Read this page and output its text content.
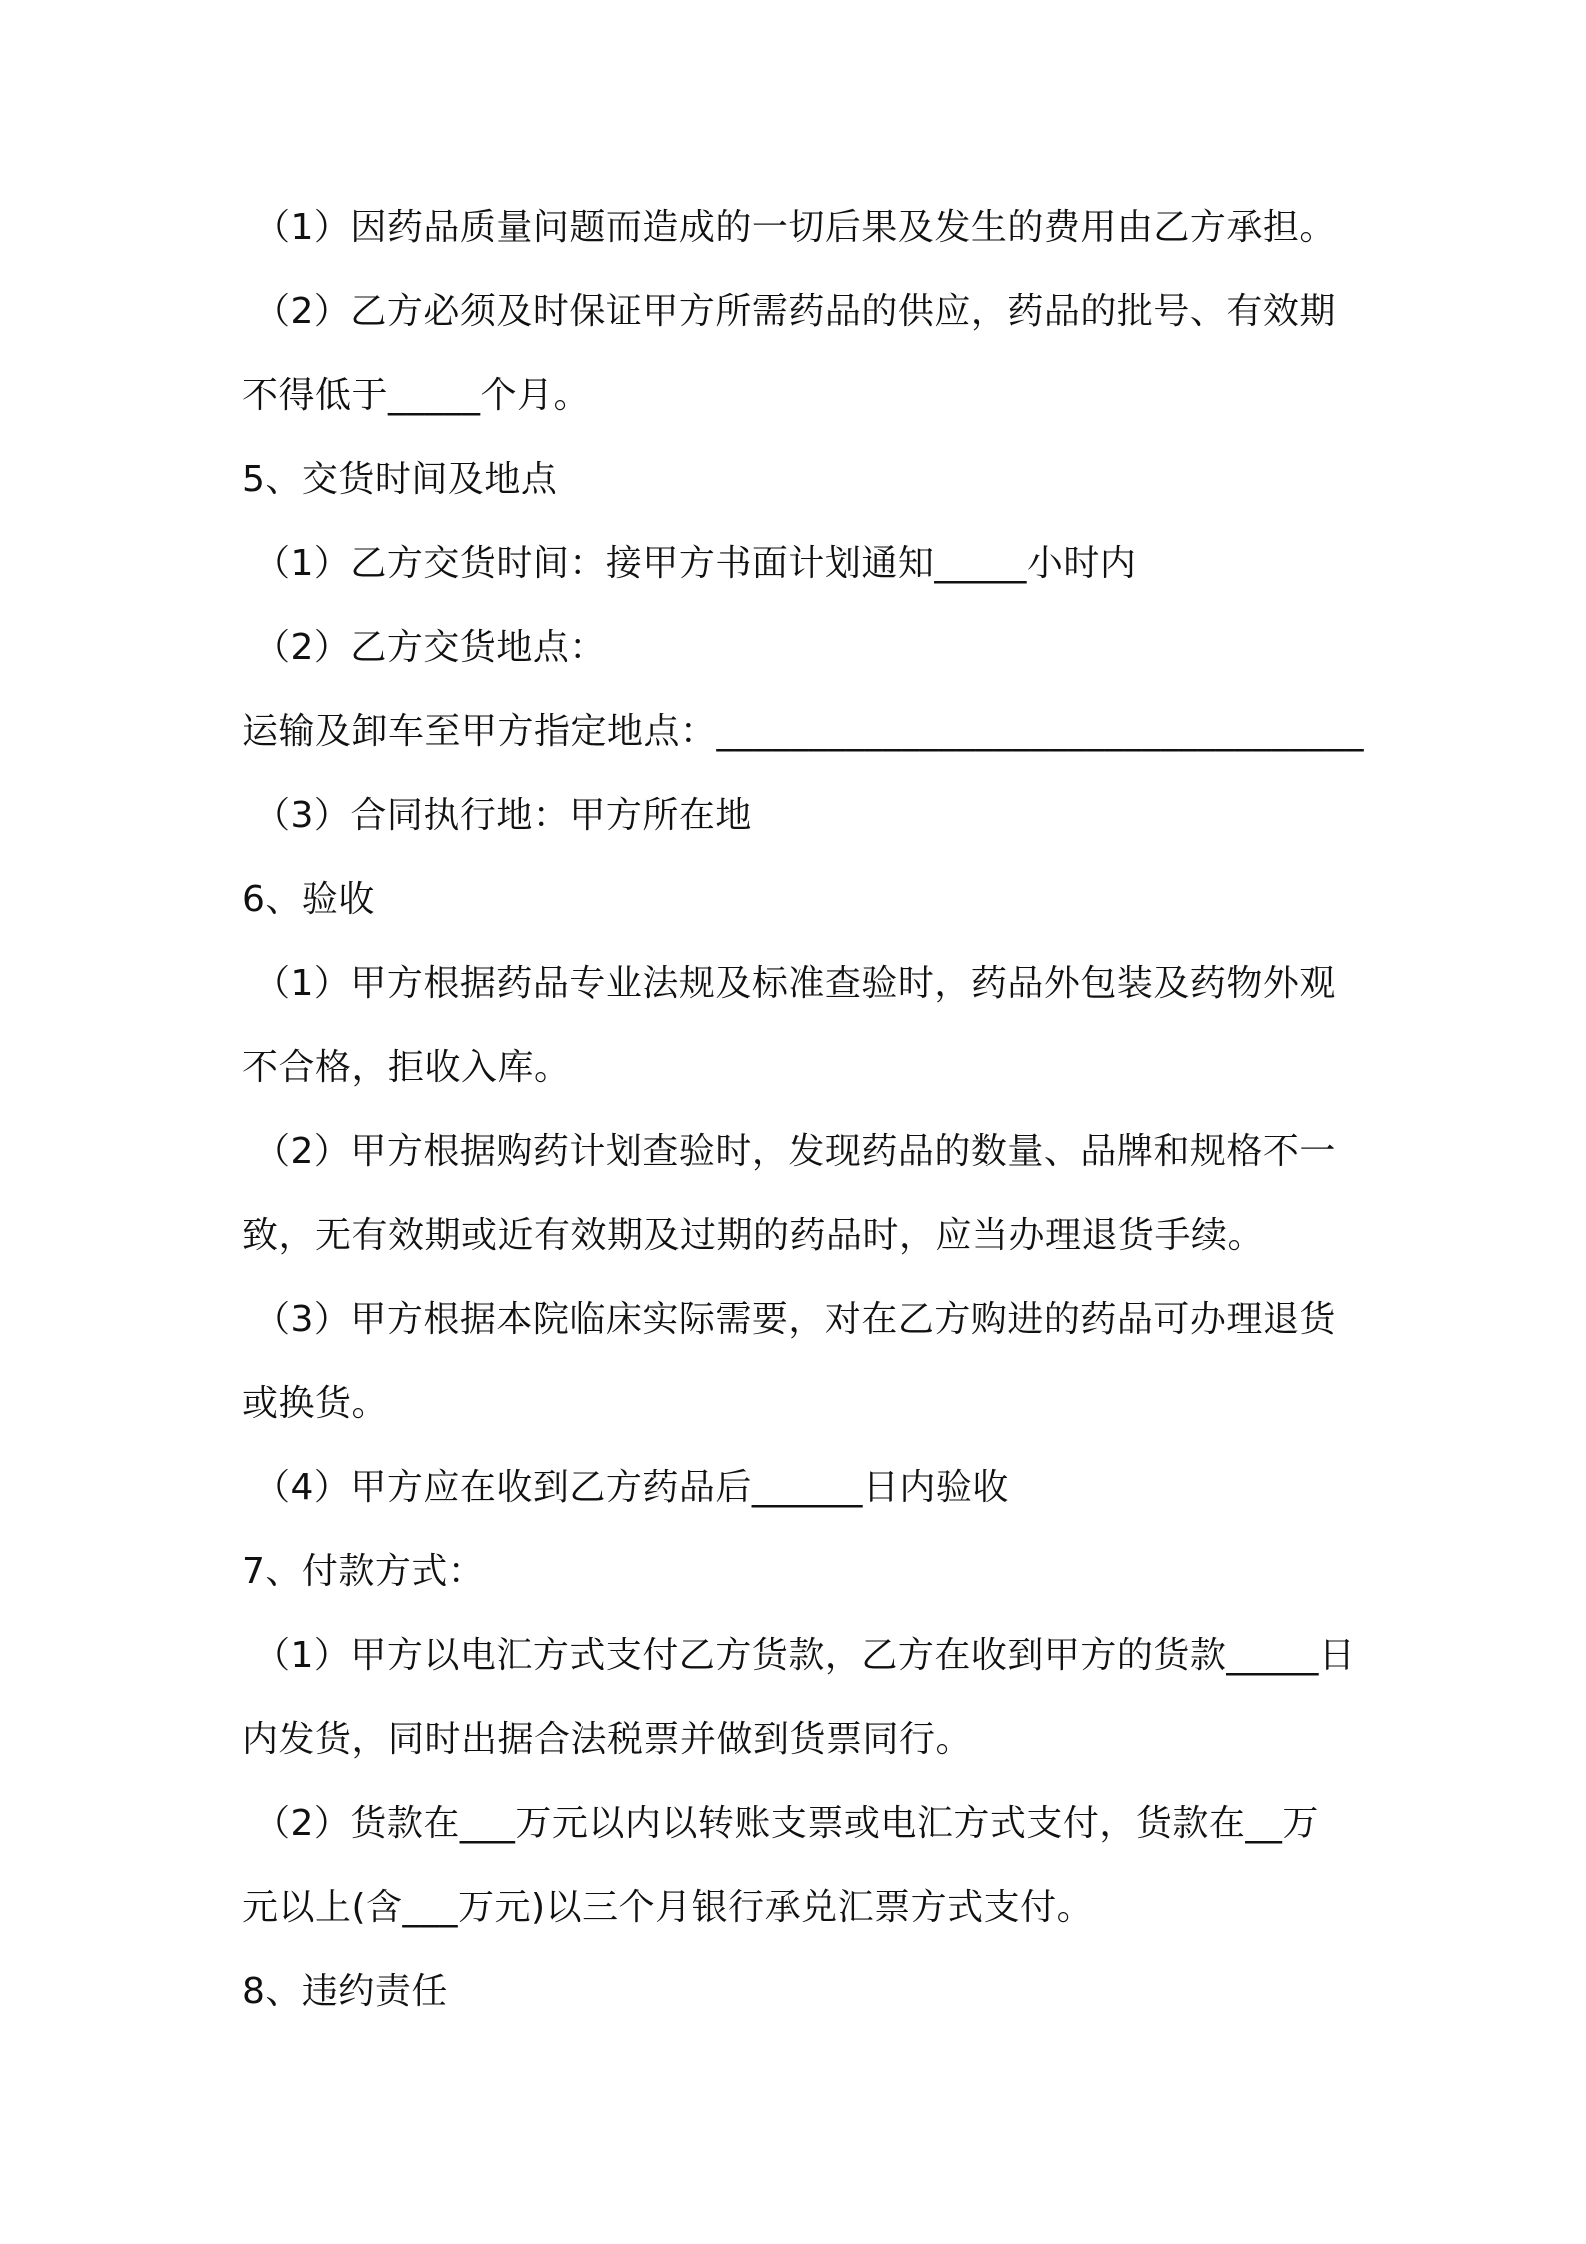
（1）因药品质量问题而造成的一切后果及发生的费用由乙方承担。
（2）乙方必须及时保证甲方所需药品的供应，药品的批号、有效期
不得低于_____个月。
5、交货时间及地点
（1）乙方交货时间：接甲方书面计划通知_____小时内
（2）乙方交货地点：
运输及卸车至甲方指定地点：___________________________________
（3）合同执行地：甲方所在地
6、验收
（1）甲方根据药品专业法规及标准查验时，药品外包装及药物外观
不合格，拒收入库。
（2）甲方根据购药计划查验时，发现药品的数量、品牌和规格不一
致，无有效期或近有效期及过期的药品时，应当办理退货手续。
（3）甲方根据本院临床实际需要，对在乙方购进的药品可办理退货
或换货。
（4）甲方应在收到乙方药品后______日内验收
7、付款方式：
（1）甲方以电汇方式支付乙方货款，乙方在收到甲方的货款_____日
内发货，同时出据合法税票并做到货票同行。
（2）货款在___万元以内以转账支票或电汇方式支付，货款在__万
元以上(含___万元)以三个月银行承兑汇票方式支付。
8、违约责任
